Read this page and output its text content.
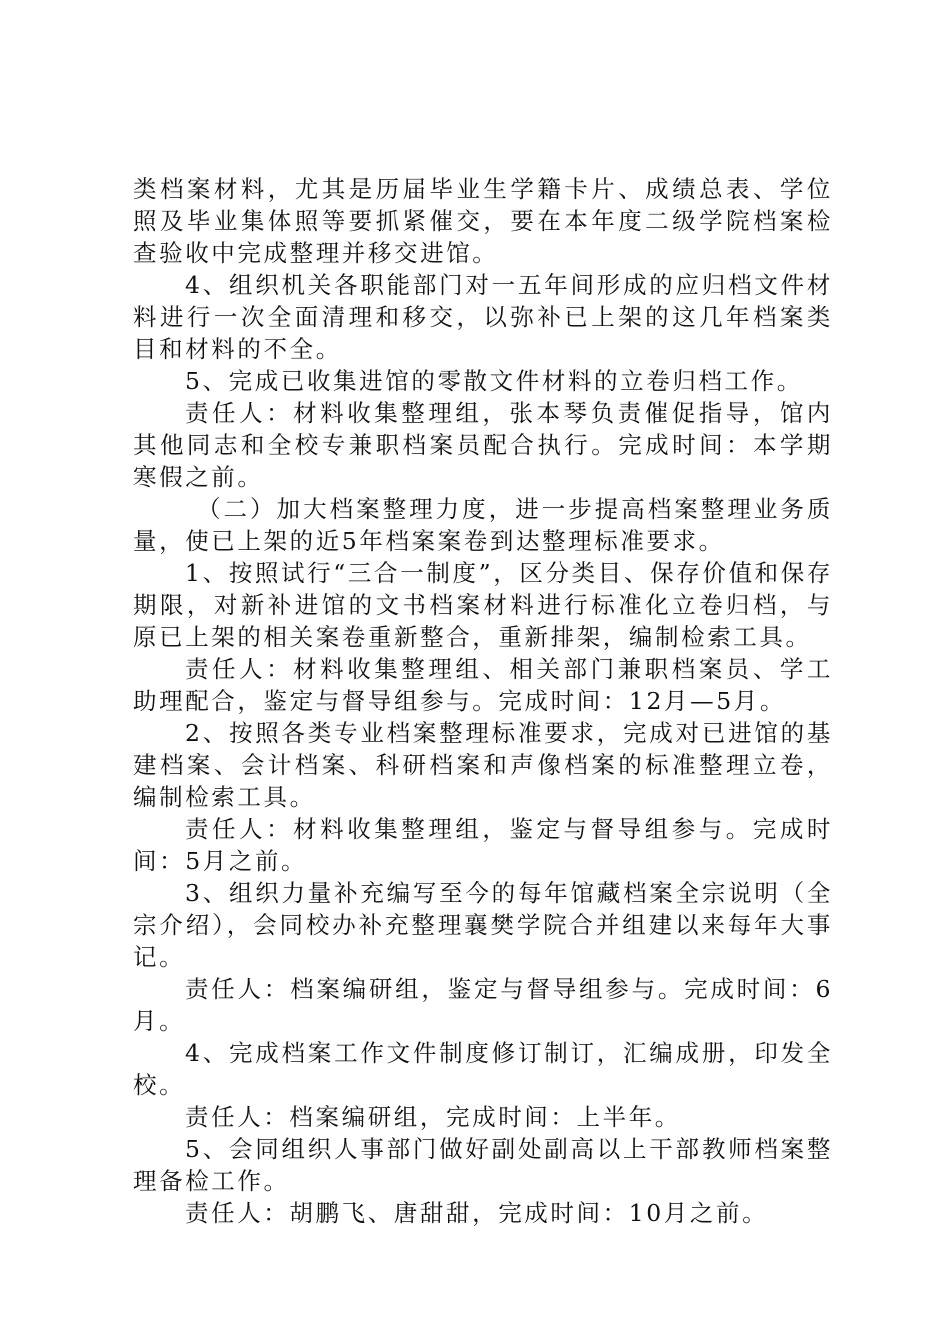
类档案材料，尤其是历届毕业生学籍卡片、成绩总表、学位照及毕业集体照等要抓紧催交，要在本年度二级学院档案检查验收中完成整理并移交进馆。

4、组织机关各职能部门对一五年间形成的应归档文件材料进行一次全面清理和移交，以弥补已上架的这几年档案类目和材料的不全。

5、完成已收集进馆的零散文件材料的立卷归档工作。

责任人：材料收集整理组，张本琴负责催促指导，馆内其他同志和全校专兼职档案员配合执行。完成时间：本学期寒假之前。

（二）加大档案整理力度，进一步提高档案整理业务质量，使已上架的近5年档案案卷到达整理标准要求。

1、按照试行“三合一制度”，区分类目、保存价值和保存期限，对新补进馆的文书档案材料进行标准化立卷归档，与原已上架的相关案卷重新整合，重新排架，编制检索工具。

责任人：材料收集整理组、相关部门兼职档案员、学工助理配合，鉴定与督导组参与。完成时间：12月—5月。

2、按照各类专业档案整理标准要求，完成对已进馆的基建档案、会计档案、科研档案和声像档案的标准整理立卷，编制检索工具。

责任人：材料收集整理组，鉴定与督导组参与。完成时间：5月之前。

3、组织力量补充编写至今的每年馆藏档案全宗说明（全宗介绍），会同校办补充整理襄樊学院合并组建以来每年大事记。

责任人：档案编研组，鉴定与督导组参与。完成时间：6月。

4、完成档案工作文件制度修订制订，汇编成册，印发全校。

责任人：档案编研组，完成时间：上半年。

5、会同组织人事部门做好副处副高以上干部教师档案整理备检工作。

责任人：胡鹏飞、唐甜甜，完成时间：10月之前。
